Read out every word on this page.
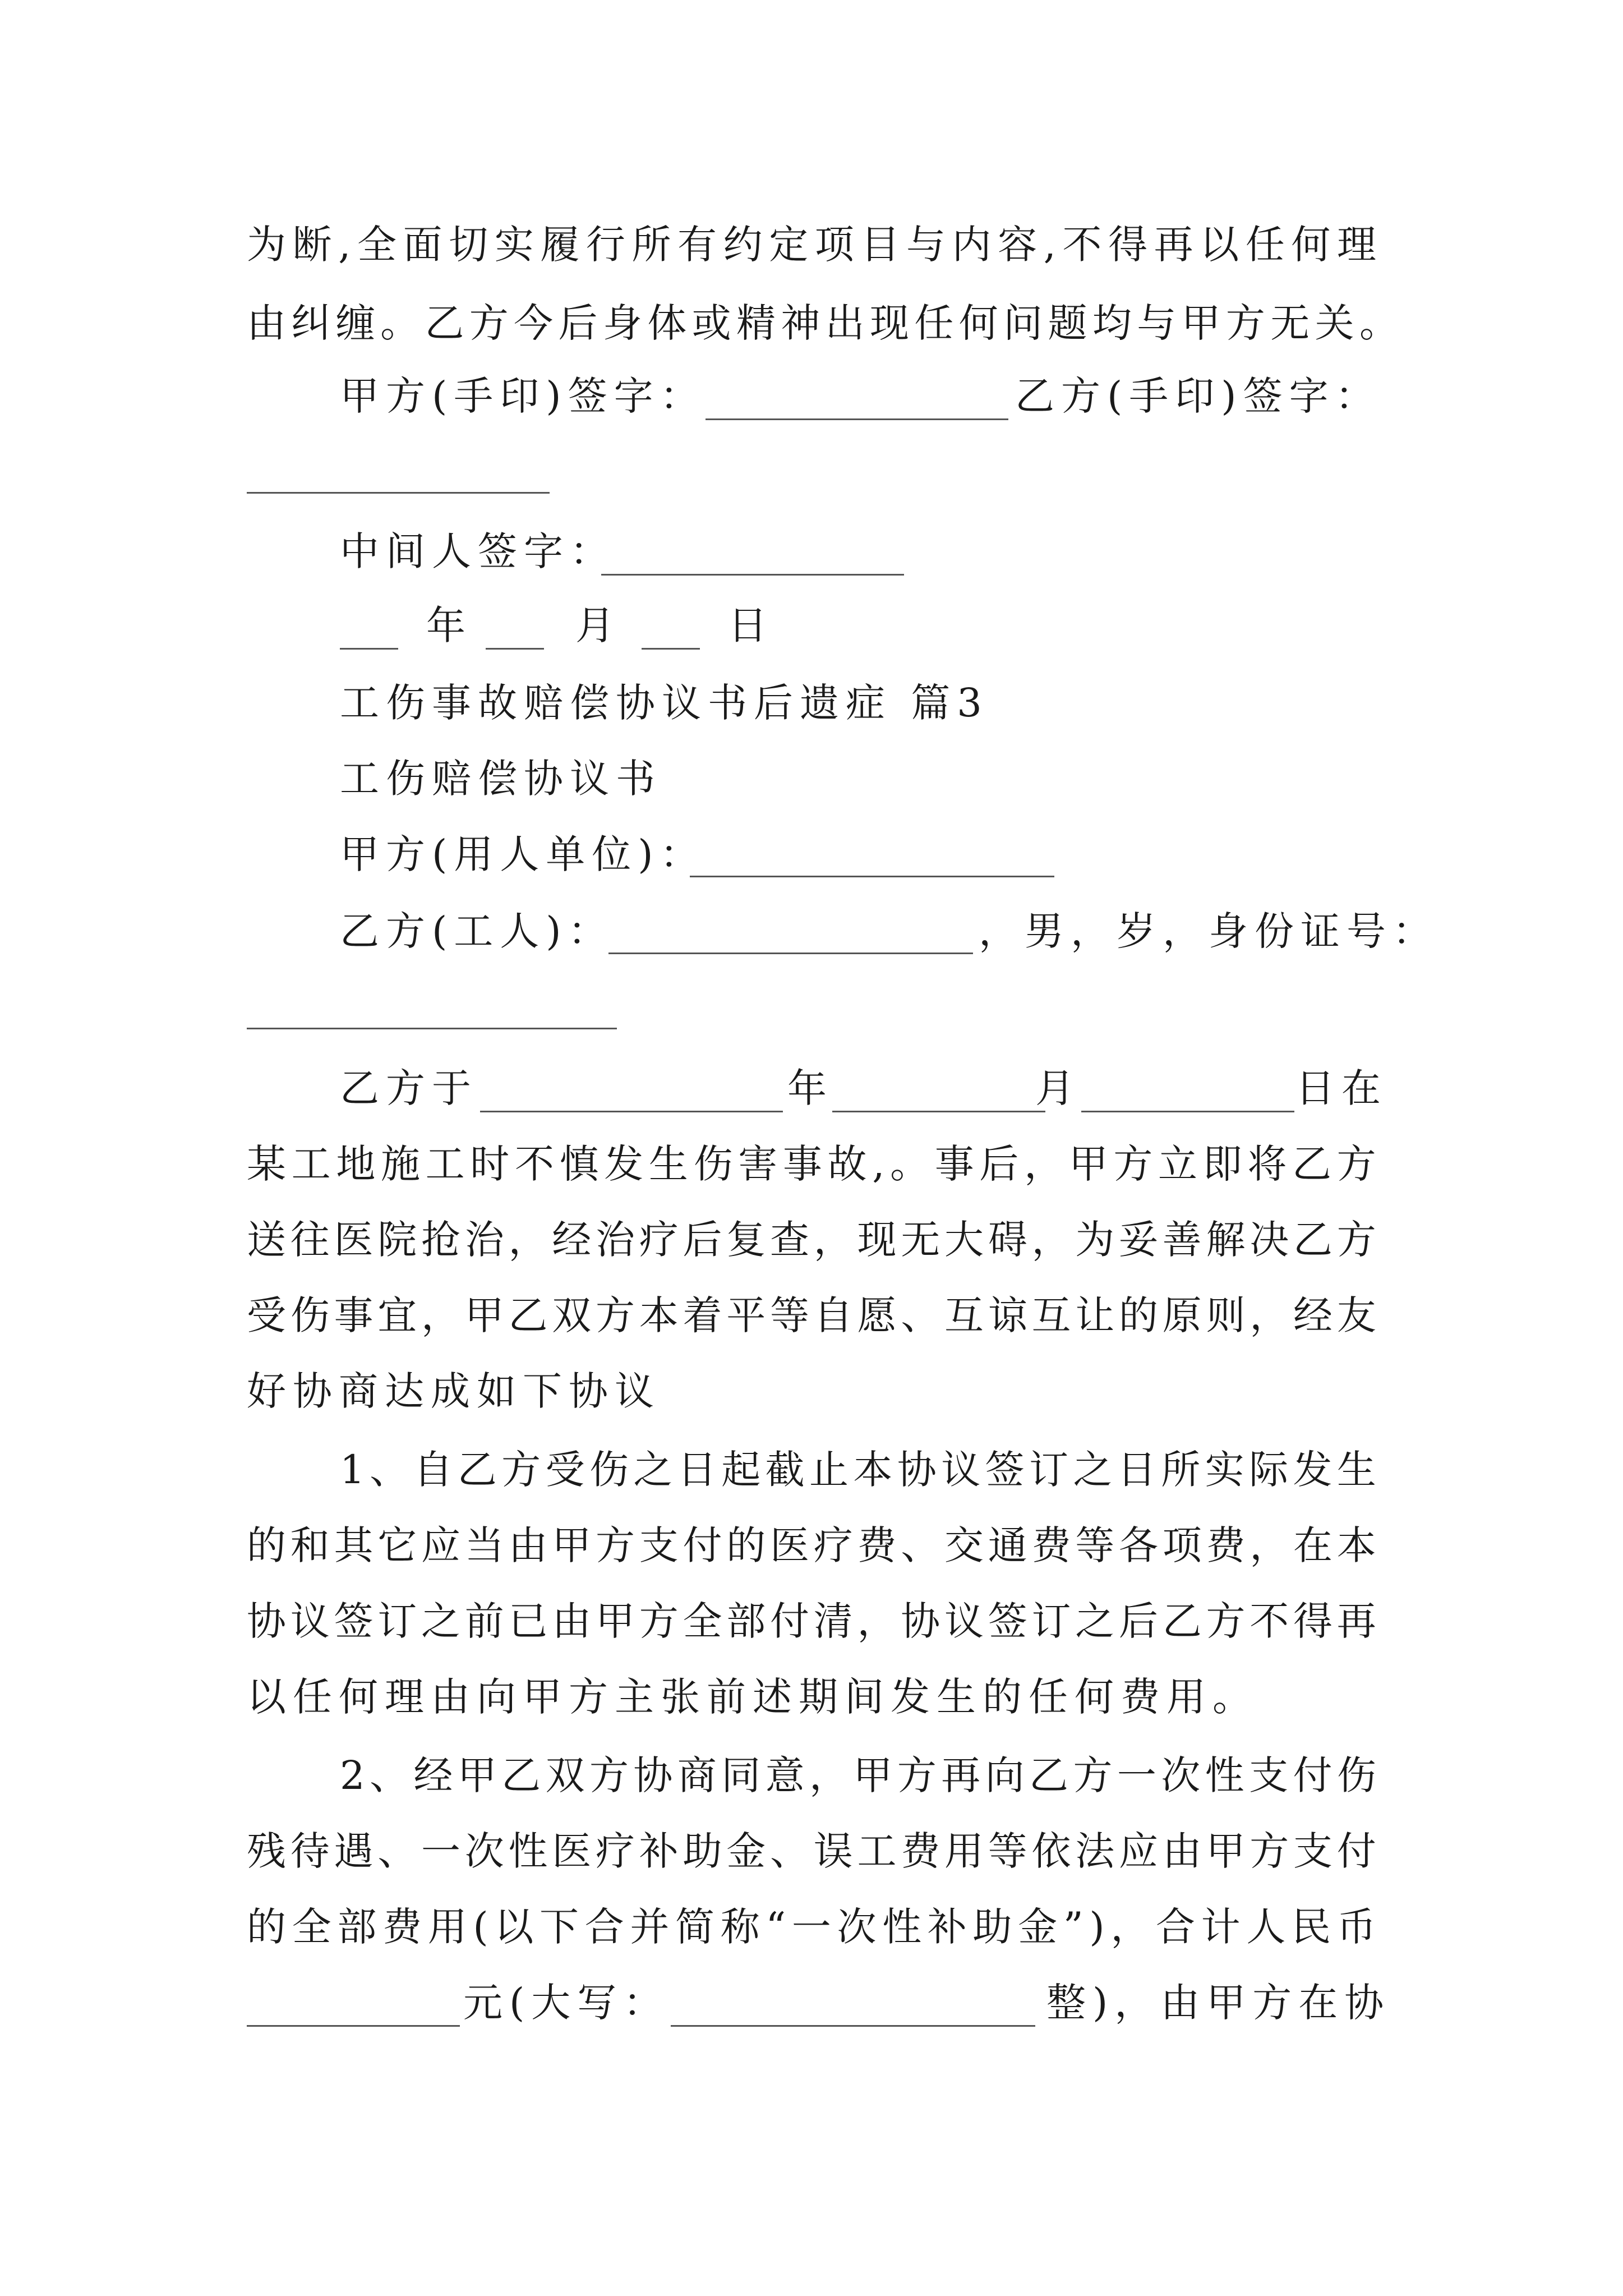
为 断 , 全 面 切 实 履 行 所 有 约 定 项 目 与 内 容 , 不 得 再 以 任 何 理
由 纠 缠 。 乙 方 今 后 身 体 或 精 神 出 现 任 何 问 题 均 与 甲 方 无 关 。
甲方(手印)签字：	乙方(手印)签字：
中间人签字：
年	月	日
工伤事故赔偿协议书后遗症 篇3
工伤赔偿协议书
甲方(用人单位)：
乙方(工人)：	，男，岁，身份证号：
乙方于	年	月	日在
某 工 地 施 工 时 不 慎 发 生 伤 害 事 故 , 。 事 后 ， 甲 方 立 即 将 乙 方
送 往 医 院 抢 治 ， 经 治 疗 后 复 查 ， 现 无 大 碍 ， 为 妥 善 解 决 乙 方
受 伤 事 宜 ， 甲 乙 双 方 本 着 平 等 自 愿 、 互 谅 互 让 的 原 则 ， 经 友
好协商达成如下协议
1 、 自 乙 方 受 伤 之 日 起 截 止 本 协 议 签 订 之 日 所 实 际 发 生
的 和 其 它 应 当 由 甲 方 支 付 的 医 疗 费 、 交 通 费 等 各 项 费 ， 在 本
协 议 签 订 之 前 已 由 甲 方 全 部 付 清 ， 协 议 签 订 之 后 乙 方 不 得 再
以任何理由向甲方主张前述期间发生的任何费用。
2 、 经 甲 乙 双 方 协 商 同 意 ， 甲 方 再 向 乙 方 一 次 性 支 付 伤
残 待 遇 、 一 次 性 医 疗 补 助 金 、 误 工 费 用 等 依 法 应 由 甲 方 支 付
的 全 部 费 用 ( 以 下 合 并 简 称 “ 一 次 性 补 助 金 ” ) ， 合 计 人 民 币
元(大写：	整)，由甲方在协
